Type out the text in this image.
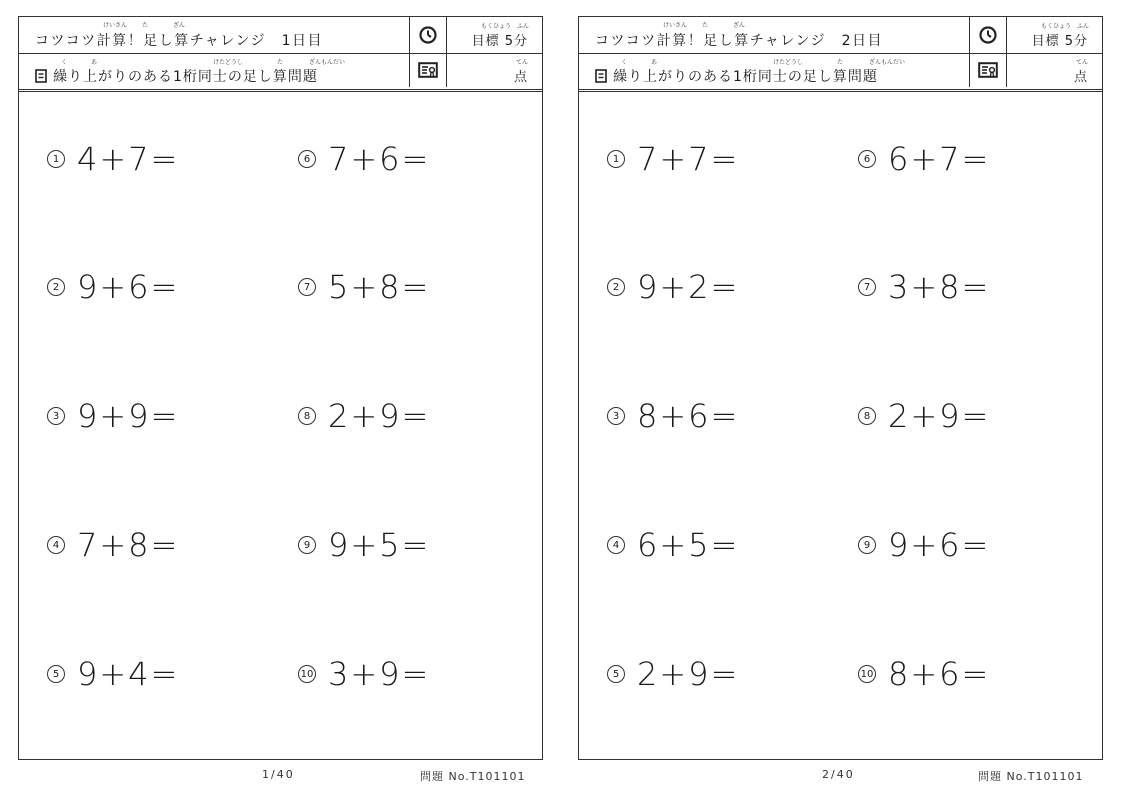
けいさん た	ざん
コツコツ計算！足し算チャレンジ　1日目
もくひょう ふん
目標 5分
く	あ	けたどうし	た	ざんもんだい
繰り上がりのある1桁同士の足し算問題
てん
点
1 4+7=
2 9+6=
3 9+9=
4 7+8=
5 9+4=
6 7+6=
7 5+8=
8 2+9=
9 9+5=
10 3+9=
1/40	問題 No.T101101
けいさん た	ざん
コツコツ計算！足し算チャレンジ　2日目
もくひょう ふん
目標 5分
く	あ	けたどうし	た	ざんもんだい
繰り上がりのある1桁同士の足し算問題
てん
点
1 7+7=
2 9+2=
3 8+6=
4 6+5=
5 2+9=
6 6+7=
7 3+8=
8 2+9=
9 9+6=
10 8+6=
2/40	問題 No.T101101
